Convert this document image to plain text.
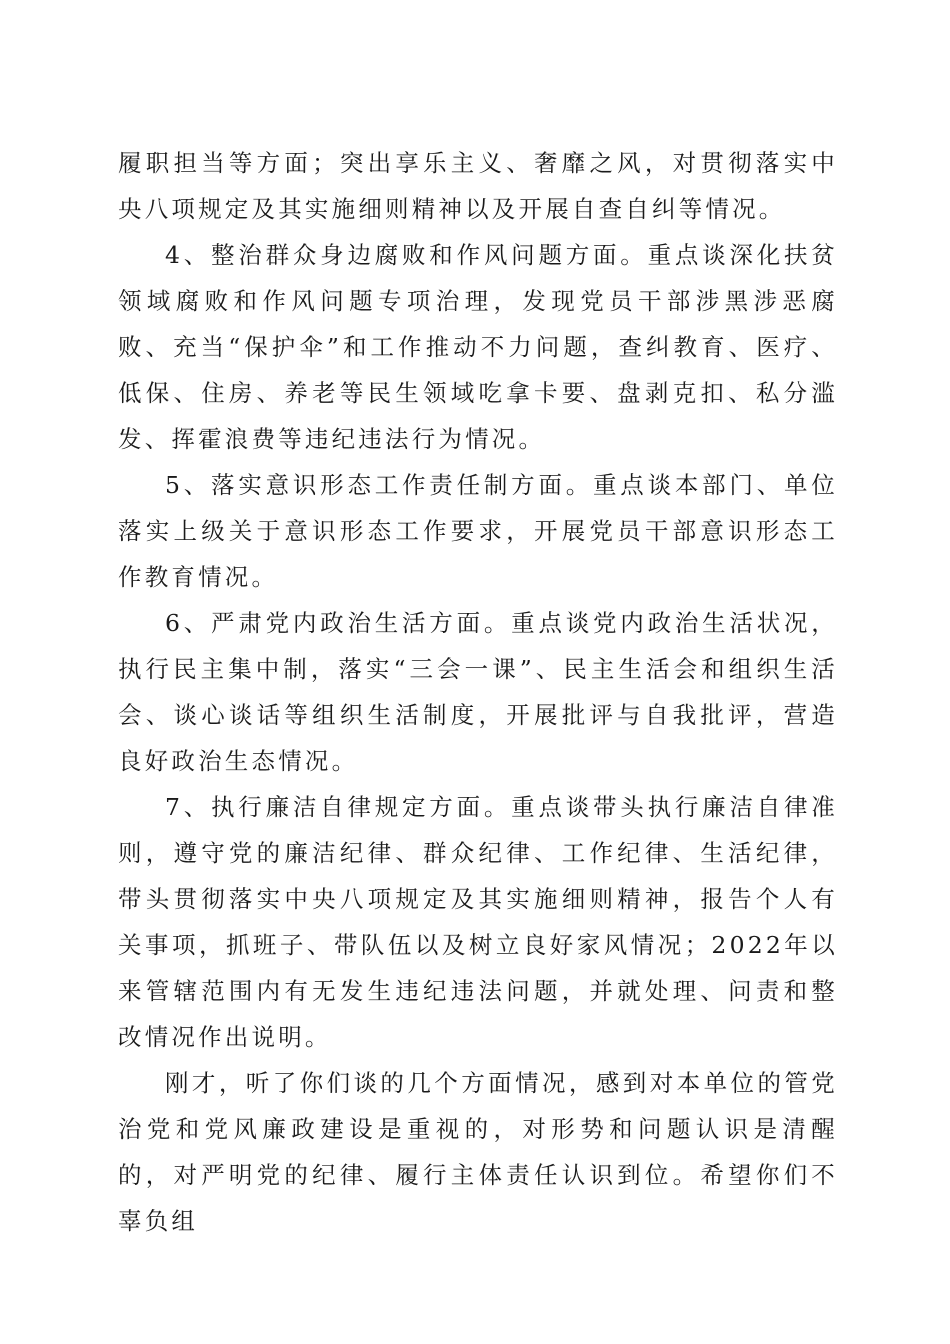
履职担当等方面；突出享乐主义、奢靡之风，对贯彻落实中央八项规定及其实施细则精神以及开展自查自纠等情况。

4、整治群众身边腐败和作风问题方面。重点谈深化扶贫领域腐败和作风问题专项治理，发现党员干部涉黑涉恶腐败、充当“保护伞”和工作推动不力问题，查纠教育、医疗、低保、住房、养老等民生领域吃拿卡要、盘剥克扣、私分滥发、挥霍浪费等违纪违法行为情况。

5、落实意识形态工作责任制方面。重点谈本部门、单位落实上级关于意识形态工作要求，开展党员干部意识形态工作教育情况。

6、严肃党内政治生活方面。重点谈党内政治生活状况，执行民主集中制，落实“三会一课”、民主生活会和组织生活会、谈心谈话等组织生活制度，开展批评与自我批评，营造良好政治生态情况。

7、执行廉洁自律规定方面。重点谈带头执行廉洁自律准则，遵守党的廉洁纪律、群众纪律、工作纪律、生活纪律，带头贯彻落实中央八项规定及其实施细则精神，报告个人有关事项，抓班子、带队伍以及树立良好家风情况；2022年以来管辖范围内有无发生违纪违法问题，并就处理、问责和整改情况作出说明。

刚才，听了你们谈的几个方面情况，感到对本单位的管党治党和党风廉政建设是重视的，对形势和问题认识是清醒的，对严明党的纪律、履行主体责任认识到位。希望你们不辜负组
